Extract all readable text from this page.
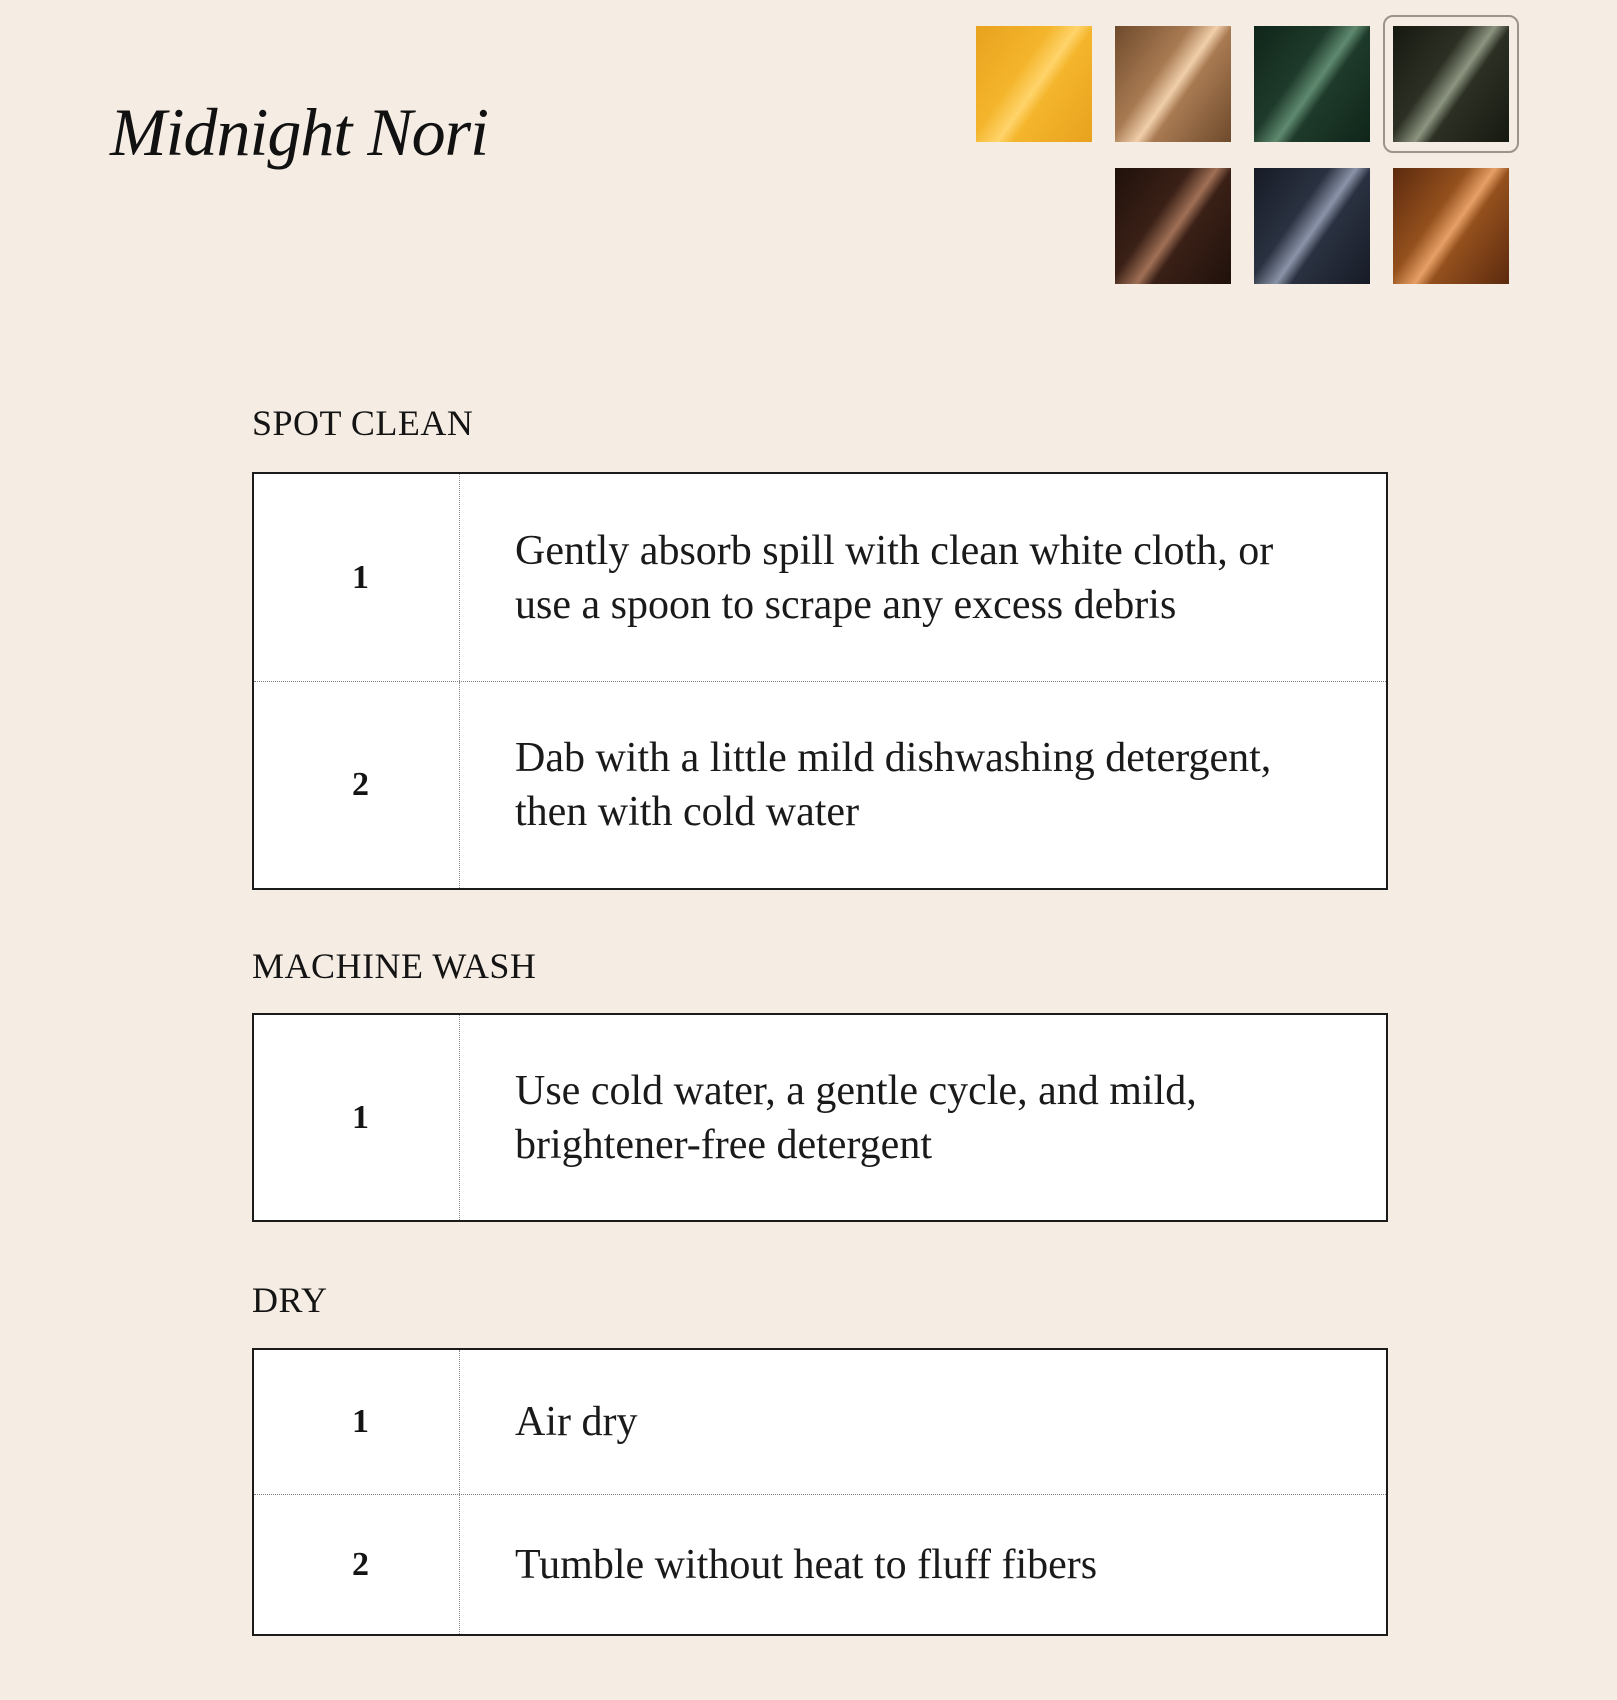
Midnight Nori
SPOT CLEAN
1
Gently absorb spill with clean white cloth, or use a spoon to scrape any excess debris
2
Dab with a little mild dishwashing detergent, then with cold water
MACHINE WASH
1
Use cold water, a gentle cycle, and mild, brightener-free detergent
DRY
1	Air dry
2	Tumble without heat to fluff fibers
